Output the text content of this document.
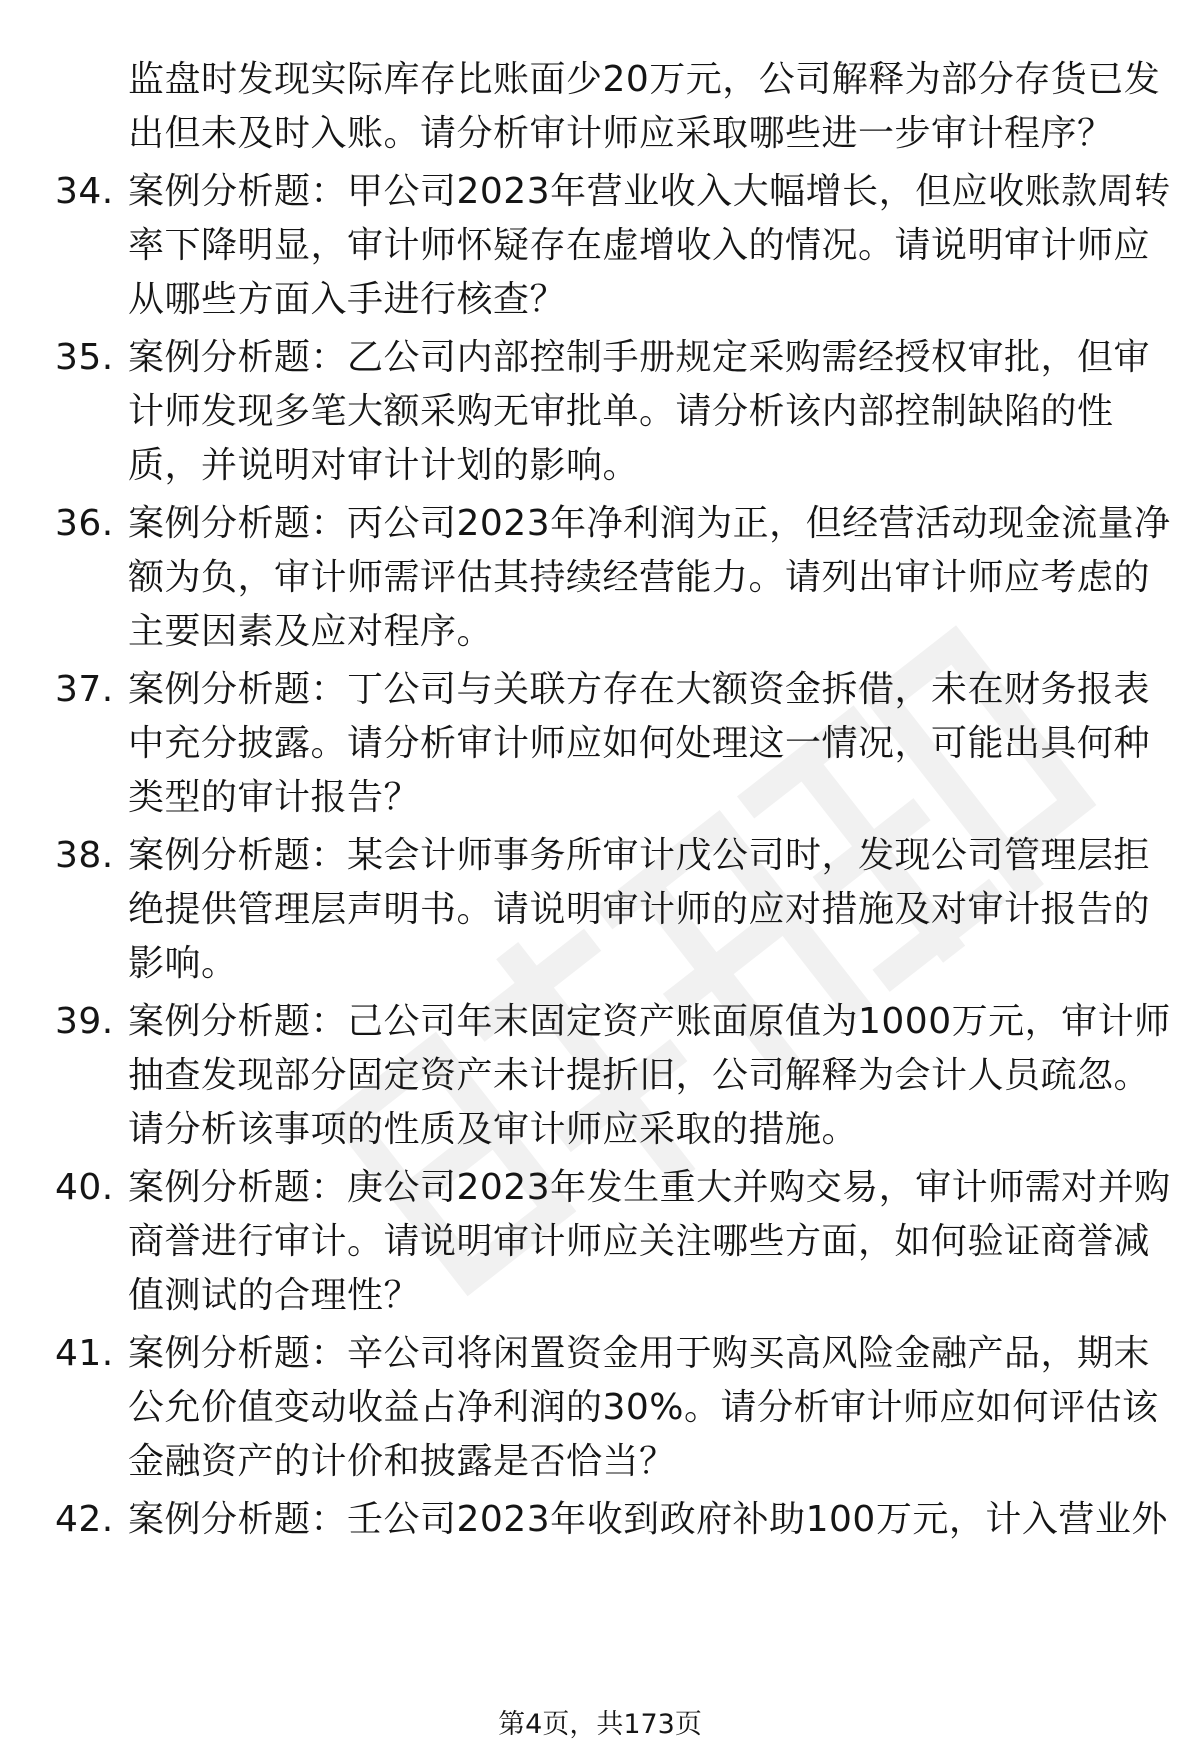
监盘时发现实际库存比账面少20万元，公司解释为部分存货已发
出但未及时入账。请分析审计师应采取哪些进一步审计程序？
34. 案例分析题：甲公司2023年营业收入大幅增长，但应收账款周转
率下降明显，审计师怀疑存在虚增收入的情况。请说明审计师应
从哪些方面入手进行核查？
35. 案例分析题：乙公司内部控制手册规定采购需经授权审批，但审
计师发现多笔大额采购无审批单。请分析该内部控制缺陷的性
质，并说明对审计计划的影响。
36. 案例分析题：丙公司2023年净利润为正，但经营活动现金流量净
额为负，审计师需评估其持续经营能力。请列出审计师应考虑的
主要因素及应对程序。
37. 案例分析题：丁公司与关联方存在大额资金拆借，未在财务报表
中充分披露。请分析审计师应如何处理这一情况，可能出具何种
类型的审计报告？
38. 案例分析题：某会计师事务所审计戊公司时，发现公司管理层拒
绝提供管理层声明书。请说明审计师的应对措施及对审计报告的
影响。
39. 案例分析题：己公司年末固定资产账面原值为1000万元，审计师
抽查发现部分固定资产未计提折旧，公司解释为会计人员疏忽。
请分析该事项的性质及审计师应采取的措施。
40. 案例分析题：庚公司2023年发生重大并购交易，审计师需对并购
商誉进行审计。请说明审计师应关注哪些方面，如何验证商誉减
值测试的合理性？
41. 案例分析题：辛公司将闲置资金用于购买高风险金融产品，期末
公允价值变动收益占净利润的30%。请分析审计师应如何评估该
金融资产的计价和披露是否恰当？
42. 案例分析题：壬公司2023年收到政府补助100万元，计入营业外
第4页，共173页
